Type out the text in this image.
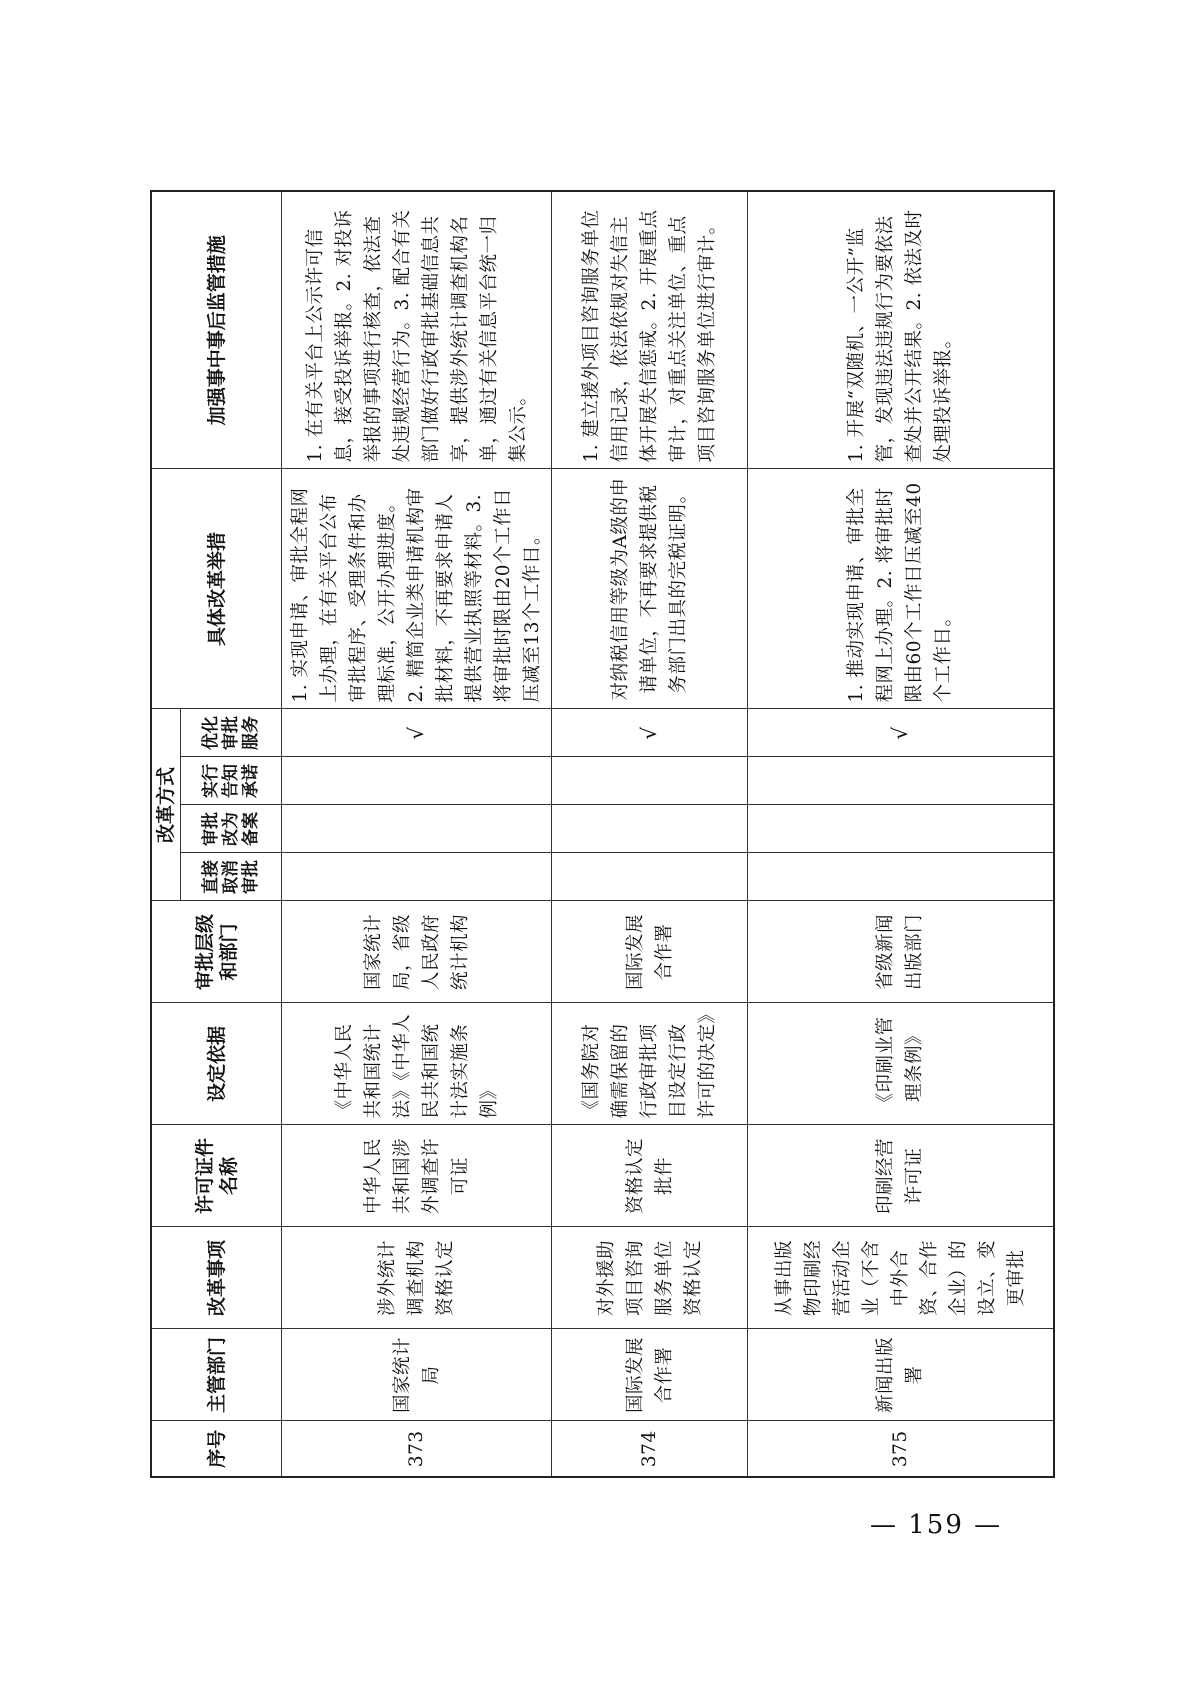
序号	主管部门	改革事项	许可证件名称	设定依据	审批层级和部门	改革方式				具体改革举措	加强事中事后监管措施
						直接取消审批	审批改为备案	实行告知承诺	优化审批服务		
373	国家统计局	涉外统计调查机构资格认定	中华人民共和国涉外调查许可证	《中华人民共和国统计法》《中华人民共和国统计法实施条例》	国家统计局，省级人民政府统计机构				√	1. 实现申请、审批全程网上办理，在有关平台公布审批程序、受理条件和办理标准，公开办理进度。2. 精简企业类申请机构审批材料，不再要求申请人提供营业执照等材料。3. 将审批时限由20个工作日压减至13个工作日。	1. 在有关平台上公示许可信息，接受投诉举报。2. 对投诉举报的事项进行核查，依法查处违规经营行为。3. 配合有关部门做好行政审批基础信息共享，提供涉外统计调查机构名单，通过有关信息平台统一归集公示。
374	国际发展合作署	对外援助项目咨询服务单位资格认定	资格认定批件	《国务院对确需保留的行政审批项目设定行政许可的决定》	国际发展合作署				√	对纳税信用等级为A级的申请单位，不再要求提供税务部门出具的完税证明。	1. 建立援外项目咨询服务单位信用记录，依法依规对失信主体开展失信惩戒。2. 开展重点审计，对重点关注单位、重点项目咨询服务单位进行审计。
375	新闻出版署	从事出版物印刷经营活动企业（不含中外合资、合作企业）的设立、变更审批	印刷经营许可证	《印刷业管理条例》	省级新闻出版部门				√	1. 推动实现申请、审批全程网上办理。2. 将审批时限由60个工作日压减至40个工作日。	1. 开展“双随机、一公开”监管，发现违法违规行为要依法查处并公开结果。2. 依法及时处理投诉举报。
— 159 —
